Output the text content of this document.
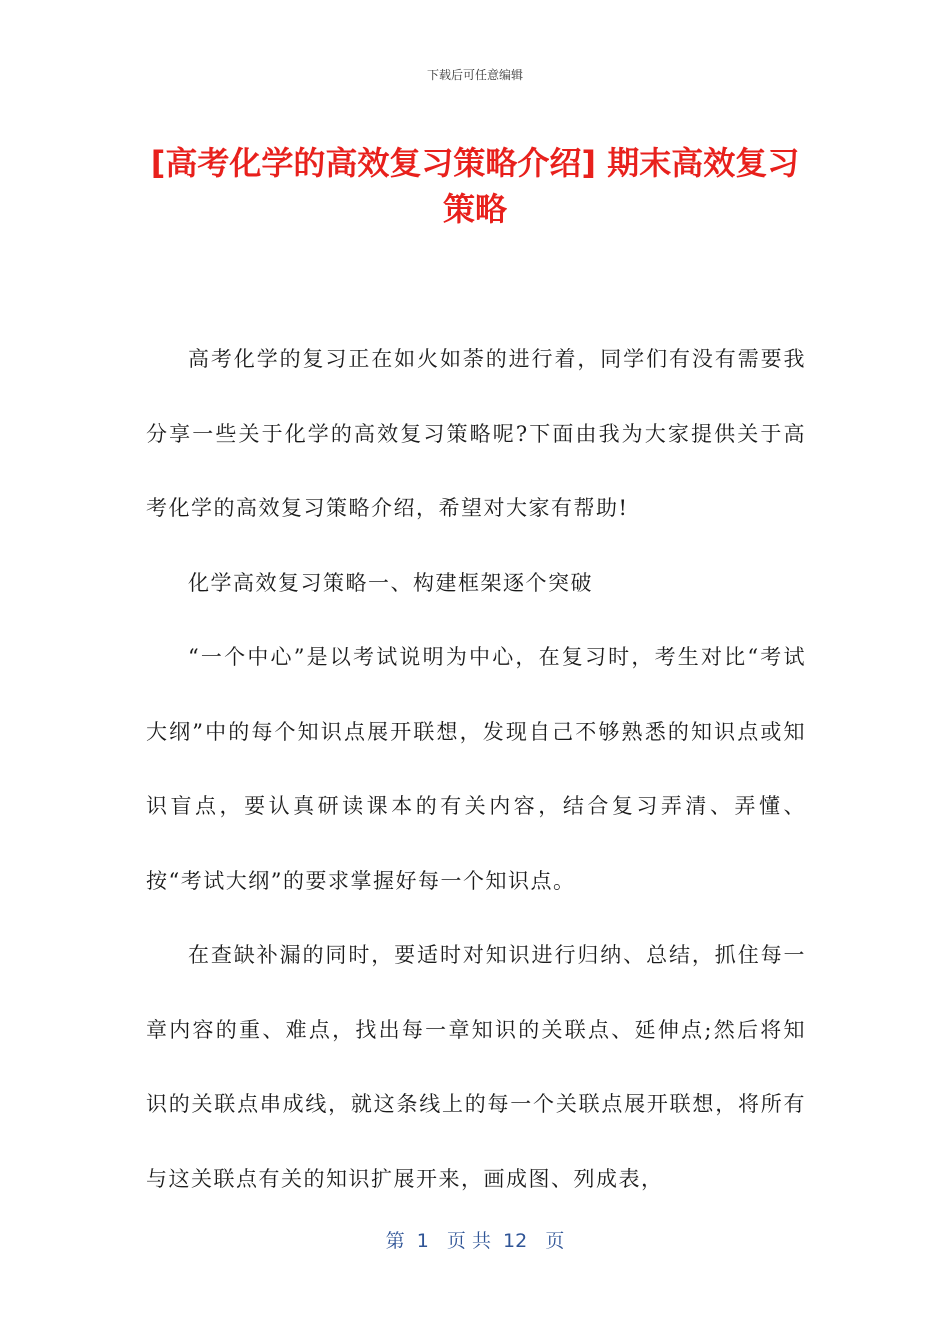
下载后可任意编辑
[高考化学的高效复习策略介绍] 期末高效复习策略

高考化学的复习正在如火如荼的进行着，同学们有没有需要我分享一些关于化学的高效复习策略呢?下面由我为大家提供关于高考化学的高效复习策略介绍，希望对大家有帮助!

化学高效复习策略一、构建框架逐个突破

“一个中心”是以考试说明为中心，在复习时，考生对比“考试大纲”中的每个知识点展开联想，发现自己不够熟悉的知识点或知识盲点，要认真研读课本的有关内容，结合复习弄清、弄懂、按“考试大纲”的要求掌握好每一个知识点。

在查缺补漏的同时，要适时对知识进行归纳、总结，抓住每一章内容的重、难点，找出每一章知识的关联点、延伸点;然后将知识的关联点串成线，就这条线上的每一个关联点展开联想，将所有与这关联点有关的知识扩展开来，画成图、列成表，

第  1   页 共  12   页
